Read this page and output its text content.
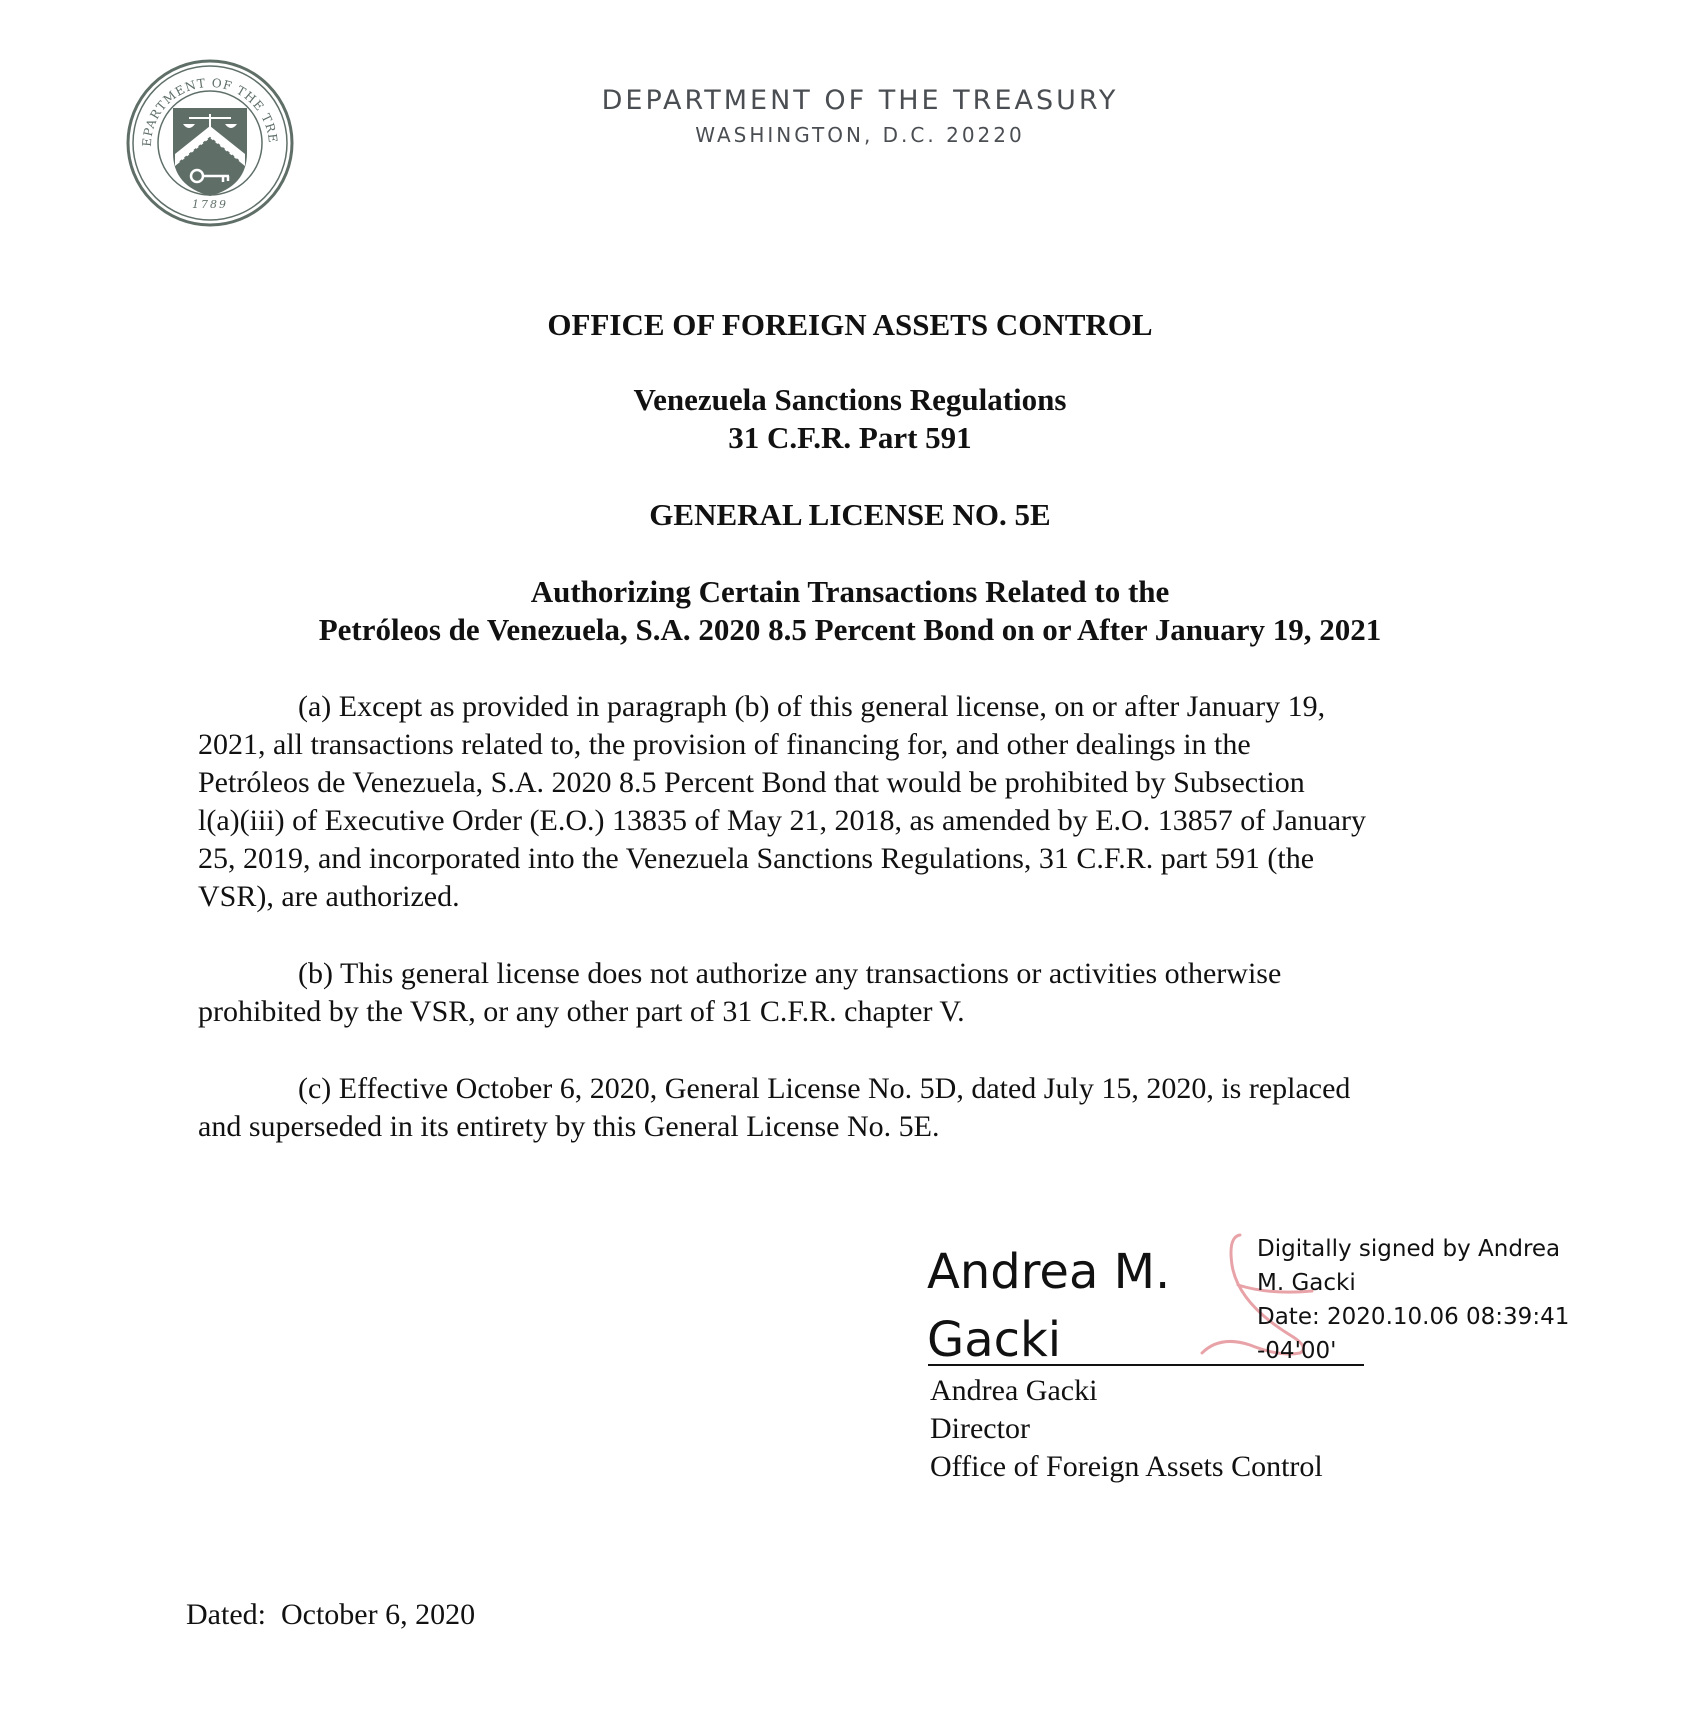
EPARTMENT OF THE TRE
1789
DEPARTMENT OF THE TREASURY
WASHINGTON, D.C. 20220
OFFICE OF FOREIGN ASSETS CONTROL
Venezuela Sanctions Regulations
31 C.F.R. Part 591
GENERAL LICENSE NO. 5E
Authorizing Certain Transactions Related to the
Petróleos de Venezuela, S.A. 2020 8.5 Percent Bond on or After January 19, 2021
(a) Except as provided in paragraph (b) of this general license, on or after January 19,
2021, all transactions related to, the provision of financing for, and other dealings in the
Petróleos de Venezuela, S.A. 2020 8.5 Percent Bond that would be prohibited by Subsection
l(a)(iii) of Executive Order (E.O.) 13835 of May 21, 2018, as amended by E.O. 13857 of January
25, 2019, and incorporated into the Venezuela Sanctions Regulations, 31 C.F.R. part 591 (the
VSR), are authorized.
(b) This general license does not authorize any transactions or activities otherwise
prohibited by the VSR, or any other part of 31 C.F.R. chapter V.
(c) Effective October 6, 2020, General License No. 5D, dated July 15, 2020, is replaced
and superseded in its entirety by this General License No. 5E.
Andrea M.
Gacki
Digitally signed by Andrea
M. Gacki
Date: 2020.10.06 08:39:41
-04'00'
Andrea Gacki
Director
Office of Foreign Assets Control
Dated: October 6, 2020
